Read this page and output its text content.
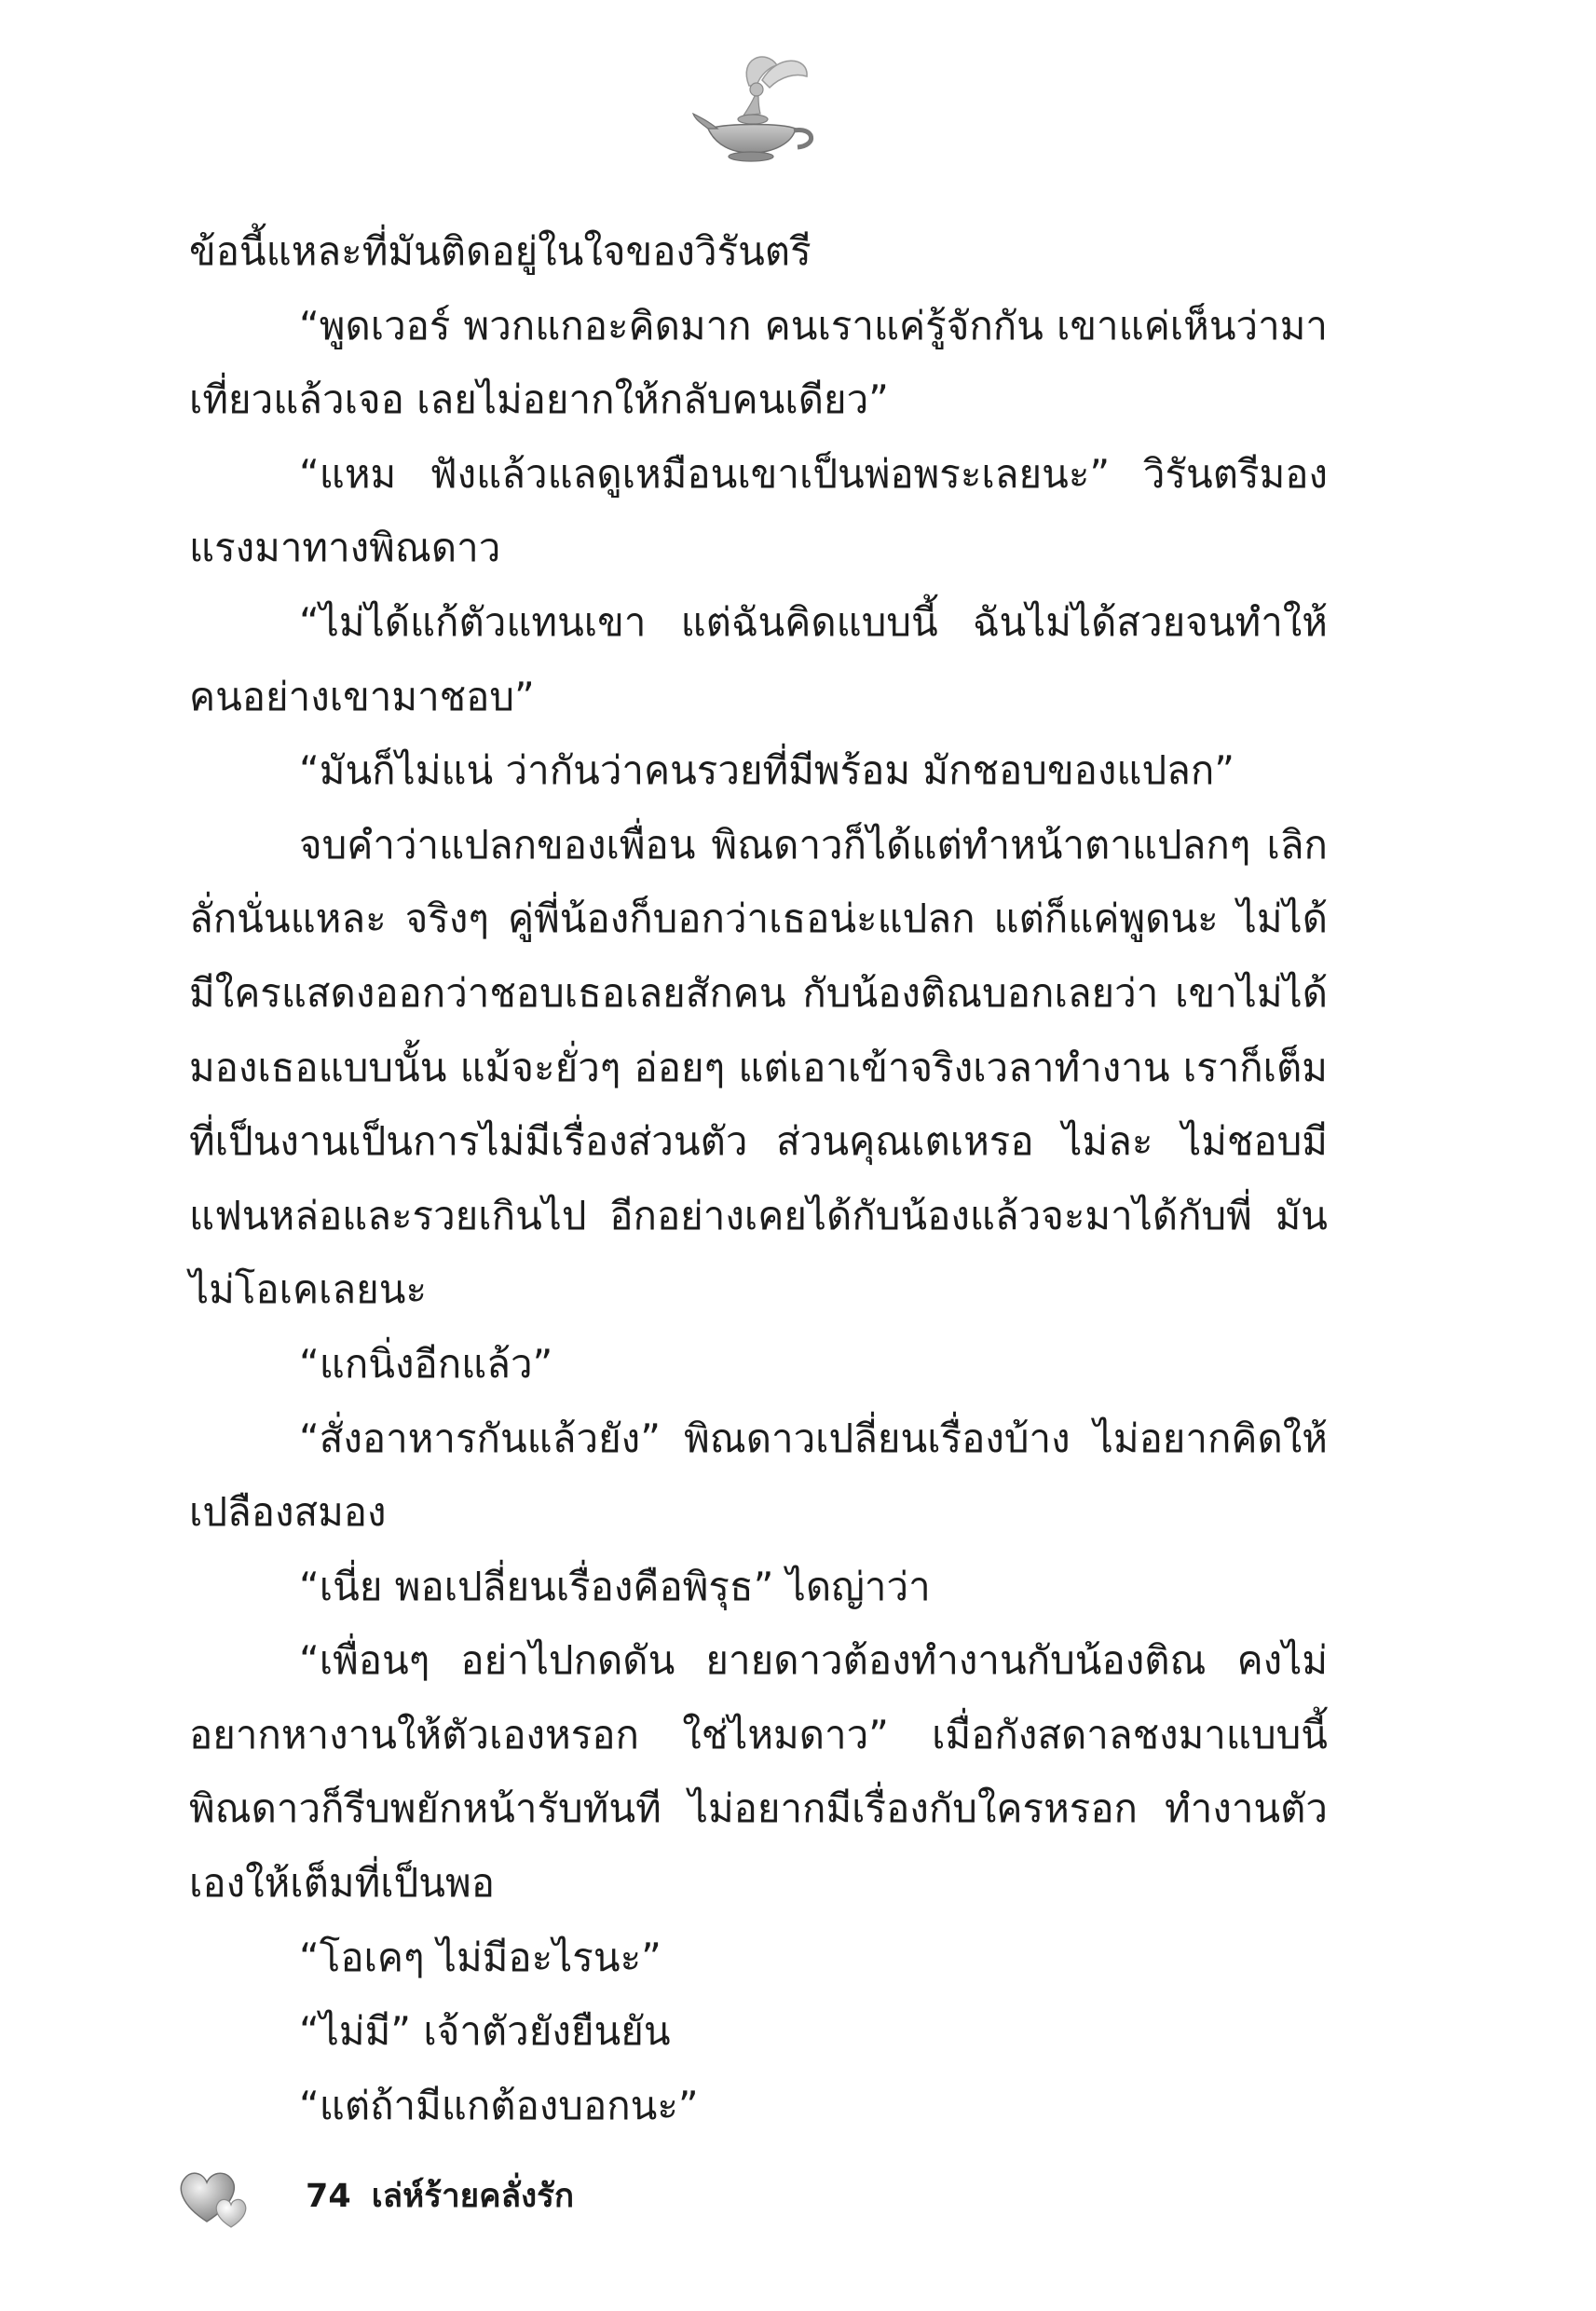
ข้อนี้แหละที่มันติดอยู่ในใจของวิรันตรี

“พูดเวอร์ พวกแกอะคิดมาก คนเราแค่รู้จักกัน เขาแค่เห็นว่ามาเที่ยวแล้วเจอ เลยไม่อยากให้กลับคนเดียว”

“แหม ฟังแล้วแลดูเหมือนเขาเป็นพ่อพระเลยนะ” วิรันตรีมองแรงมาทางพิณดาว

“ไม่ได้แก้ตัวแทนเขา แต่ฉันคิดแบบนี้ ฉันไม่ได้สวยจนทำให้คนอย่างเขามาชอบ”

“มันก็ไม่แน่ ว่ากันว่าคนรวยที่มีพร้อม มักชอบของแปลก”

จบคำว่าแปลกของเพื่อน พิณดาวก็ได้แต่ทำหน้าตาแปลกๆ เลิกลั่กนั่นแหละ จริงๆ คู่พี่น้องก็บอกว่าเธอน่ะแปลก แต่ก็แค่พูดนะ ไม่ได้มีใครแสดงออกว่าชอบเธอเลยสักคน กับน้องติณบอกเลยว่า เขาไม่ได้มองเธอแบบนั้น แม้จะยั่วๆ อ่อยๆ แต่เอาเข้าจริงเวลาทำงาน เราก็เต็มที่เป็นงานเป็นการไม่มีเรื่องส่วนตัว ส่วนคุณเตเหรอ ไม่ละ ไม่ชอบมีแฟนหล่อและรวยเกินไป อีกอย่างเคยได้กับน้องแล้วจะมาได้กับพี่ มันไม่โอเคเลยนะ

“แกนิ่งอีกแล้ว”

“สั่งอาหารกันแล้วยัง” พิณดาวเปลี่ยนเรื่องบ้าง ไม่อยากคิดให้เปลืองสมอง

“เนี่ย พอเปลี่ยนเรื่องคือพิรุธ” ไดญ่าว่า

“เพื่อนๆ อย่าไปกดดัน ยายดาวต้องทำงานกับน้องติณ คงไม่อยากหางานให้ตัวเองหรอก ใช่ไหมดาว” เมื่อกังสดาลชงมาแบบนี้ พิณดาวก็รีบพยักหน้ารับทันที ไม่อยากมีเรื่องกับใครหรอก ทำงานตัวเองให้เต็มที่เป็นพอ

“โอเคๆ ไม่มีอะไรนะ”

“ไม่มี” เจ้าตัวยังยืนยัน

“แต่ถ้ามีแกต้องบอกนะ”

74 เล่ห์ร้ายคลั่งรัก
